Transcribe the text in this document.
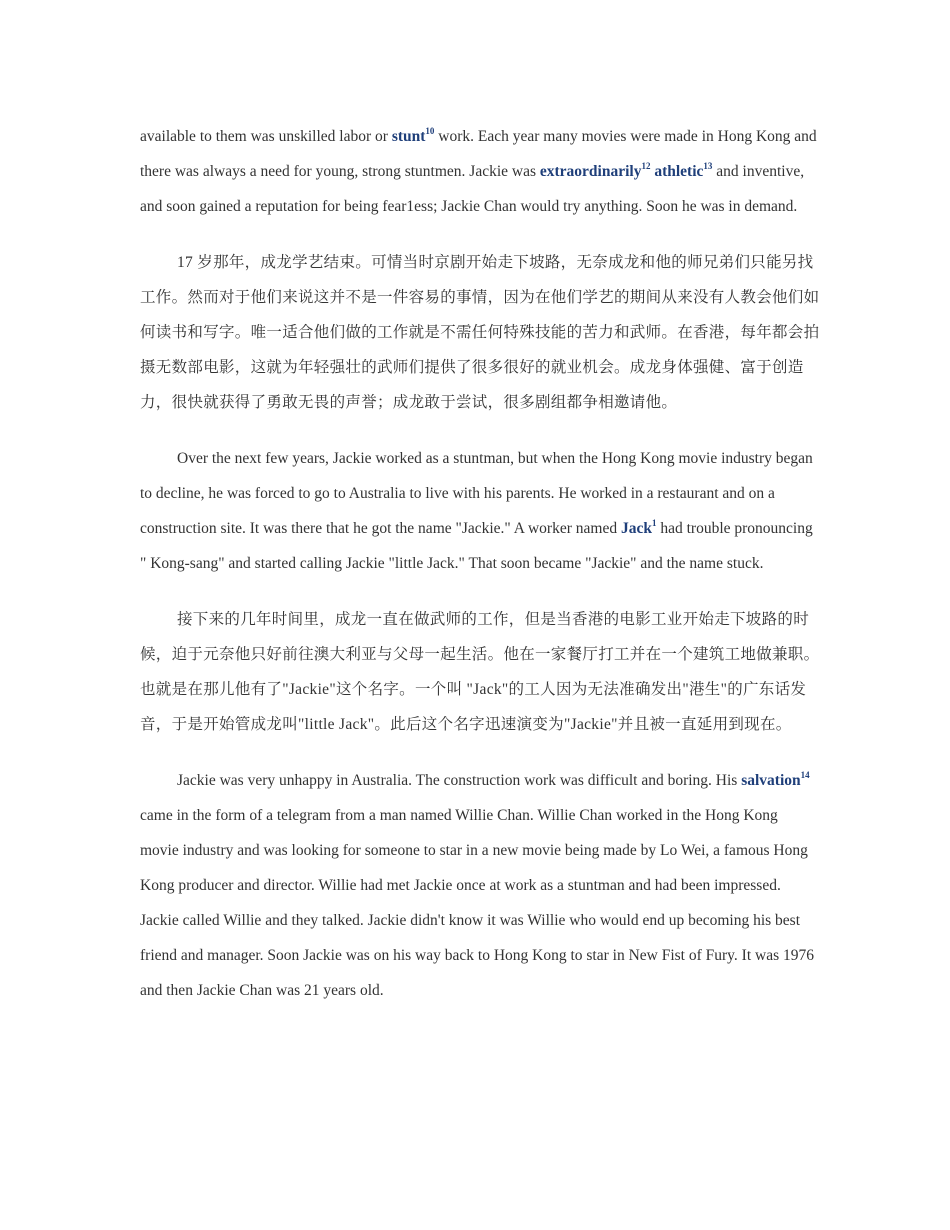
available to them was unskilled labor or stunt$^{10}$ work. Each year many movies were made in Hong Kong and there was always a need for young, strong stuntmen. Jackie was extraordinarily$^{12}$ athletic$^{13}$ and inventive, and soon gained a reputation for being fear1ess; Jackie Chan would try anything. Soon he was in demand.

17 岁那年，成龙学艺结束。可情当时京剧开始走下坡路，无奈成龙和他的师兄弟们只能另找工作。然而对于他们来说这并不是一件容易的事情，因为在他们学艺的期间从来没有人教会他们如何读书和写字。唯一适合他们做的工作就是不需任何特殊技能的苦力和武师。在香港，每年都会拍摄无数部电影，这就为年轻强壮的武师们提供了很多很好的就业机会。成龙身体强健、富于创造力，很快就获得了勇敢无畏的声誉；成龙敢于尝试，很多剧组都争相邀请他。

Over the next few years, Jackie worked as a stuntman, but when the Hong Kong movie industry began to decline, he was forced to go to Australia to live with his parents. He worked in a restaurant and on a construction site. It was there that he got the name "Jackie." A worker named Jack$^1$ had trouble pronouncing " Kong-sang" and started calling Jackie "little Jack." That soon became "Jackie" and the name stuck.

接下来的几年时间里，成龙一直在做武师的工作，但是当香港的电影工业开始走下坡路的时候，迫于元奈他只好前往澳大利亚与父母一起生活。他在一家餐厅打工并在一个建筑工地做兼职。也就是在那儿他有了"Jackie"这个名字。一个叫 "Jack"的工人因为无法准确发出"港生"的广东话发音，于是开始管成龙叫"little Jack"。此后这个名字迅速演变为"Jackie"并且被一直延用到现在。

Jackie was very unhappy in Australia. The construction work was difficult and boring. His salvation$^{14}$ came in the form of a telegram from a man named Willie Chan. Willie Chan worked in the Hong Kong movie industry and was looking for someone to star in a new movie being made by Lo Wei, a famous Hong Kong producer and director. Willie had met Jackie once at work as a stuntman and had been impressed. Jackie called Willie and they talked. Jackie didn't know it was Willie who would end up becoming his best friend and manager. Soon Jackie was on his way back to Hong Kong to star in New Fist of Fury. It was 1976 and then Jackie Chan was 21 years old.
